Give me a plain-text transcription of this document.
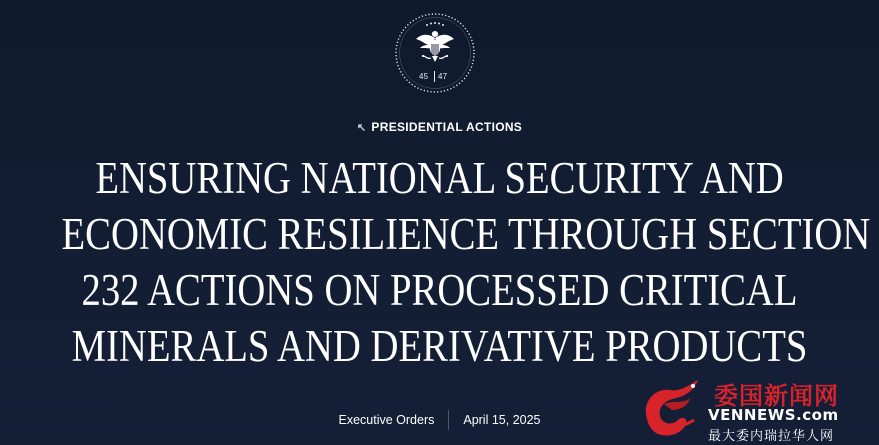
45 47
↖ PRESIDENTIAL ACTIONS
ENSURING NATIONAL SECURITY AND
ECONOMIC RESILIENCE THROUGH SECTION
232 ACTIONS ON PROCESSED CRITICAL
MINERALS AND DERIVATIVE PRODUCTS
Executive Orders April 15, 2025
委国新闻网
VENNEWS.com
最大委内瑞拉华人网
